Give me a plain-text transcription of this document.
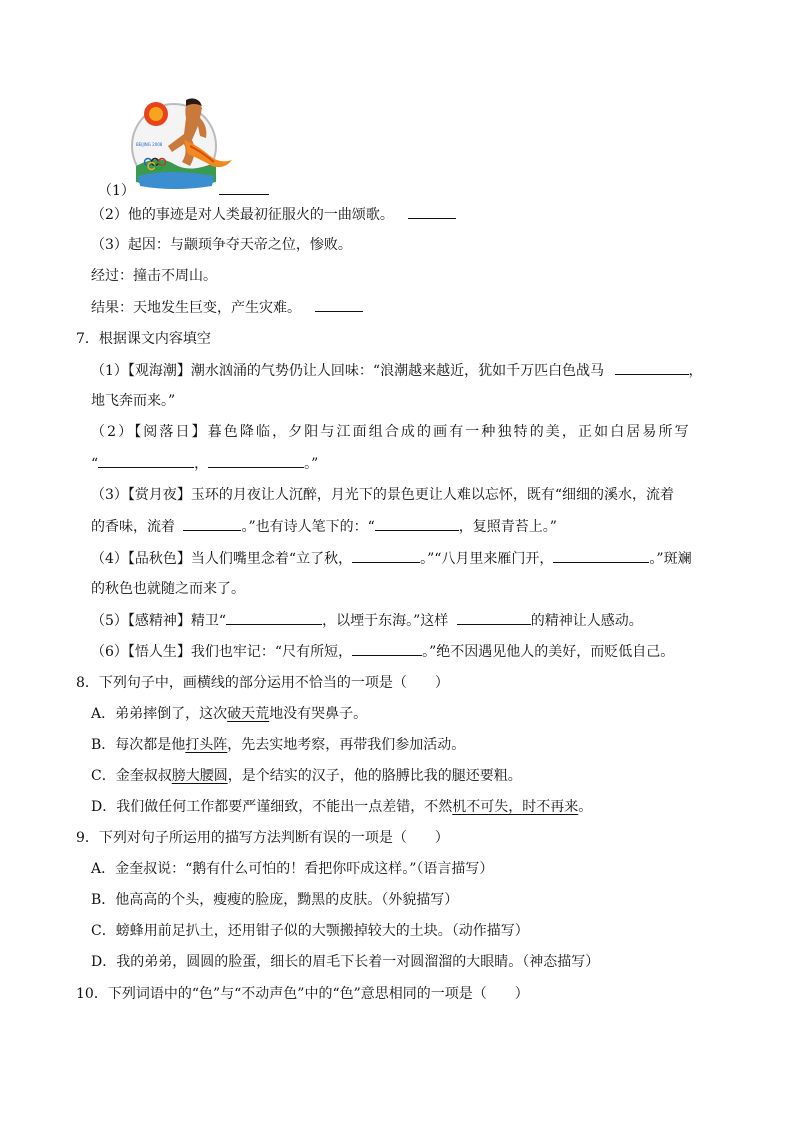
BEIJING 2008
（1）
（2）他的事迹是对人类最初征服火的一曲颂歌。
（3）起因：与颛顼争夺天帝之位，惨败。
经过：撞击不周山。
结果：天地发生巨变，产生灾难。
7．根据课文内容填空
（1）【观海潮】潮水汹涌的气势仍让人回味：“浪潮越来越近，犹如千万匹白色战马	，
地飞奔而来。”
（2）【阅落日】暮色降临，夕阳与江面组合成的画有一种独特的美，正如白居易所写
“	，	。”
（3）【赏月夜】玉环的月夜让人沉醉，月光下的景色更让人难以忘怀，既有“细细的溪水，流着
的香味，流着	。”也有诗人笔下的：“	，复照青苔上。”
（4）【品秋色】当人们嘴里念着“立了秋，	。”“八月里来雁门开，	。”斑斓
的秋色也就随之而来了。
（5）【感精神】精卫“	，以堙于东海。”这样	的精神让人感动。
（6）【悟人生】我们也牢记：“尺有所短，	。”绝不因遇见他人的美好，而贬低自己。
8．下列句子中，画横线的部分运用不恰当的一项是（　　）
A．弟弟摔倒了，这次破天荒地没有哭鼻子。
B．每次都是他打头阵，先去实地考察，再带我们参加活动。
C．金奎叔叔膀大腰圆，是个结实的汉子，他的胳膊比我的腿还要粗。
D．我们做任何工作都要严谨细致，不能出一点差错，不然机不可失，时不再来。
9．下列对句子所运用的描写方法判断有误的一项是（　　）
A．金奎叔说：“鹅有什么可怕的！看把你吓成这样。”（语言描写）
B．他高高的个头，瘦瘦的脸庞，黝黑的皮肤。（外貌描写）
C．螃蜂用前足扒土，还用钳子似的大颚搬掉较大的土块。（动作描写）
D．我的弟弟，圆圆的脸蛋，细长的眉毛下长着一对圆溜溜的大眼睛。（神态描写）
10．下列词语中的“色”与“不动声色”中的“色”意思相同的一项是（　　）
